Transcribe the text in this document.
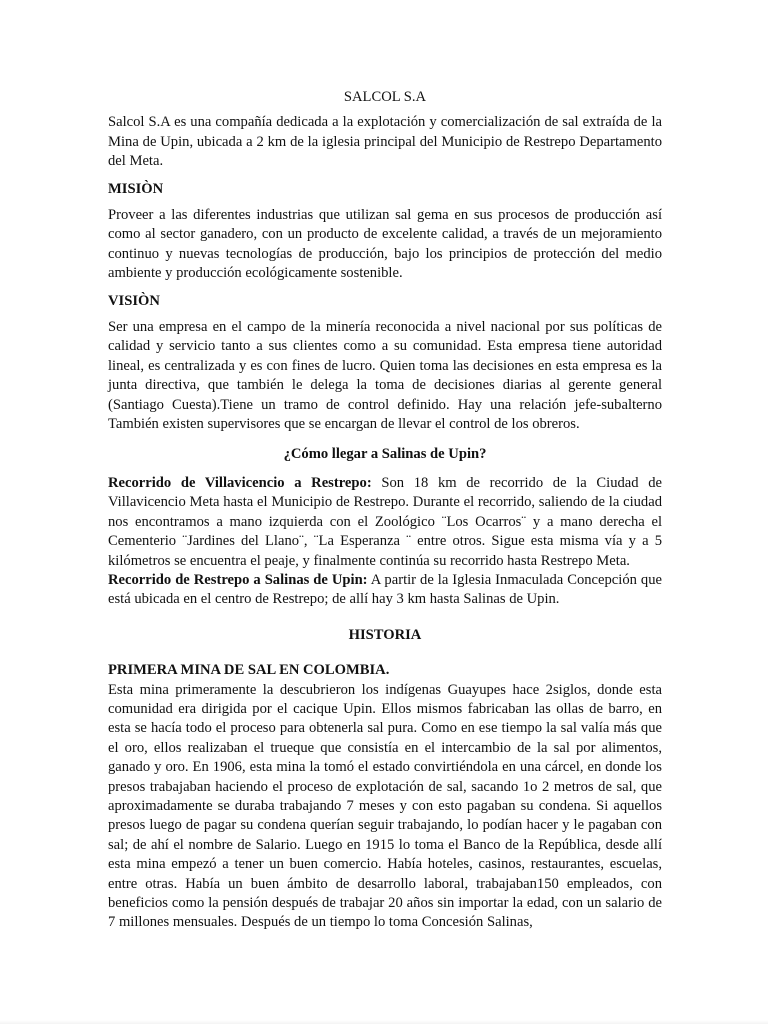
SALCOL S.A

Salcol S.A es una compañía dedicada a la explotación y comercialización de sal extraída de la Mina de Upin, ubicada a 2 km de la iglesia principal del Municipio de Restrepo Departamento del Meta.

MISIÒN

Proveer a las diferentes industrias que utilizan sal gema en sus procesos de producción así como al sector ganadero, con un producto de excelente calidad, a través de un mejoramiento continuo y nuevas tecnologías de producción, bajo los principios de protección del medio ambiente y producción ecológicamente sostenible.

VISIÒN

Ser una empresa en el campo de la minería reconocida a nivel nacional por sus políticas de calidad y servicio tanto a sus clientes como a su comunidad. Esta empresa tiene autoridad lineal, es centralizada y es con fines de lucro. Quien toma las decisiones en esta empresa es la junta directiva, que también le delega la toma de decisiones diarias al gerente general (Santiago Cuesta).Tiene un tramo de control definido. Hay una relación jefe-subalterno También existen supervisores que se encargan de llevar el control de los obreros.

¿Cómo llegar a Salinas de Upin?

Recorrido de Villavicencio a Restrepo: Son 18 km de recorrido de la Ciudad de Villavicencio Meta hasta el Municipio de Restrepo. Durante el recorrido, saliendo de la ciudad nos encontramos a mano izquierda con el Zoológico ¨Los Ocarros¨ y a mano derecha el Cementerio ¨Jardines del Llano¨, ¨La Esperanza ¨ entre otros. Sigue esta misma vía y a 5 kilómetros se encuentra el peaje, y finalmente continúa su recorrido hasta Restrepo Meta.

Recorrido de Restrepo a Salinas de Upin: A partir de la Iglesia Inmaculada Concepción que está ubicada en el centro de Restrepo; de allí hay 3 km hasta Salinas de Upin.

HISTORIA
PRIMERA MINA DE SAL EN COLOMBIA.

Esta mina primeramente la descubrieron los indígenas Guayupes hace 2siglos, donde esta comunidad era dirigida por el cacique Upin. Ellos mismos fabricaban las ollas de barro, en esta se hacía todo el proceso para obtenerla sal pura. Como en ese tiempo la sal valía más que el oro, ellos realizaban el trueque que consistía en el intercambio de la sal por alimentos, ganado y oro. En 1906, esta mina la tomó el estado convirtiéndola en una cárcel, en donde los presos trabajaban haciendo el proceso de explotación de sal, sacando 1o 2 metros de sal, que aproximadamente se duraba trabajando 7 meses y con esto pagaban su condena. Si aquellos presos luego de pagar su condena querían seguir trabajando, lo podían hacer y le pagaban con sal; de ahí el nombre de Salario. Luego en 1915 lo toma el Banco de la República, desde allí esta mina empezó a tener un buen comercio. Había hoteles, casinos, restaurantes, escuelas, entre otras. Había un buen ámbito de desarrollo laboral, trabajaban150 empleados, con beneficios como la pensión después de trabajar 20 años sin importar la edad, con un salario de 7 millones mensuales. Después de un tiempo lo toma Concesión Salinas,
